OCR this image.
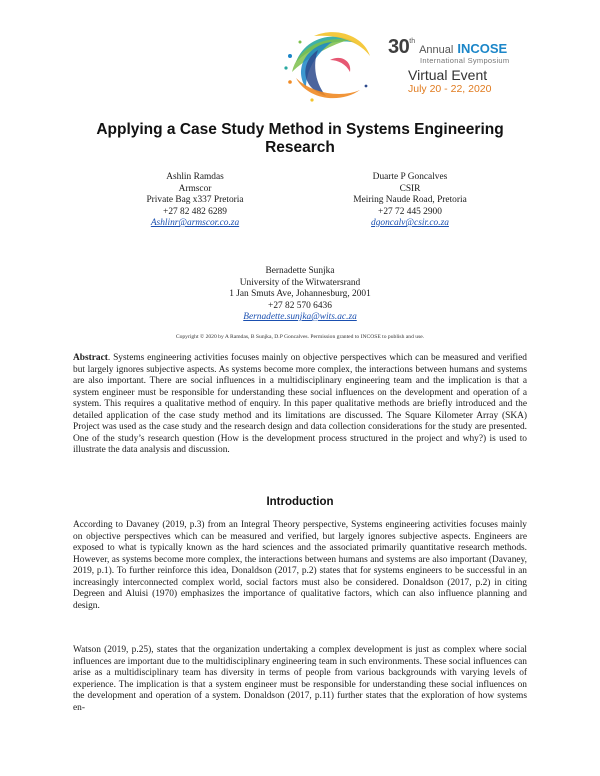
30th Annual INCOSE
International Symposium
Virtual Event
July 20 - 22, 2020
Applying a Case Study Method in Systems Engineering Research
Ashlin Ramdas
Armscor
Private Bag x337 Pretoria
+27 82 482 6289
Ashlinr@armscor.co.za
Duarte P Goncalves
CSIR
Meiring Naude Road, Pretoria
+27 72 445 2900
dgoncalv@csir.co.za
Bernadette Sunjka
University of the Witwatersrand
1 Jan Smuts Ave, Johannesburg, 2001
+27 82 570 6436
Bernadette.sunjka@wits.ac.za
Copyright © 2020 by A Ramdas, B Sunjka, D.P Goncalves. Permission granted to INCOSE to publish and use.
Abstract. Systems engineering activities focuses mainly on objective perspectives which can be measured and verified but largely ignores subjective aspects. As systems become more complex, the interactions between humans and systems are also important. There are social influences in a multidisciplinary engineering team and the implication is that a system engineer must be responsible for understanding these social influences on the development and operation of a system. This requires a qualitative method of enquiry. In this paper qualitative methods are briefly introduced and the detailed application of the case study method and its limitations are discussed. The Square Kilometer Array (SKA) Project was used as the case study and the research design and data collection considerations for the study are presented. One of the study’s research question (How is the development process structured in the project and why?) is used to illustrate the data analysis and discussion.
Introduction
According to Davaney (2019, p.3) from an Integral Theory perspective, Systems engineering activities focuses mainly on objective perspectives which can be measured and verified, but largely ignores subjective aspects. Engineers are exposed to what is typically known as the hard sciences and the associated primarily quantitative research methods. However, as systems become more complex, the interactions between humans and systems are also important (Davaney, 2019, p.1). To further reinforce this idea, Donaldson (2017, p.2) states that for systems engineers to be successful in an increasingly interconnected complex world, social factors must also be considered. Donaldson (2017, p.2) in citing Degreen and Aluisi (1970) emphasizes the importance of qualitative factors, which can also influence planning and design.
Watson (2019, p.25), states that the organization undertaking a complex development is just as complex where social influences are important due to the multidisciplinary engineering team in such environments. These social influences can arise as a multidisciplinary team has diversity in terms of people from various backgrounds with varying levels of experience. The implication is that a system engineer must be responsible for understanding these social influences on the development and operation of a system. Donaldson (2017, p.11) further states that the exploration of how systems en-
